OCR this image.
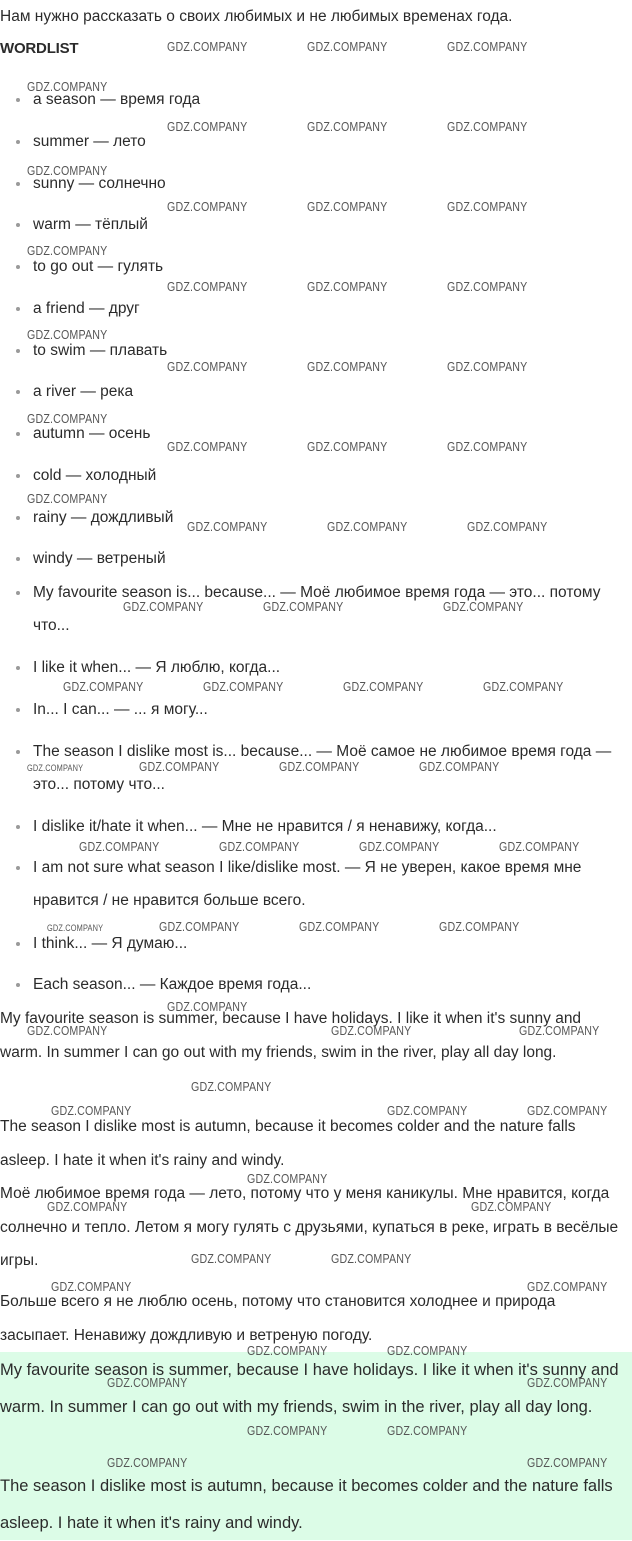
Нам нужно рассказать о своих любимых и не любимых временах года.
WORDLIST
a season — время года
summer — лето
sunny — солнечно
warm — тёплый
to go out — гулять
a friend — друг
to swim — плавать
a river — река
autumn — осень
cold — холодный
rainy — дождливый
windy — ветреный
My favourite season is... because... — Моё любимое время года — это... потому что...
I like it when... — Я люблю, когда...
In... I can... — ... я могу...
The season I dislike most is... because... — Моё самое не любимое время года — это... потому что...
I dislike it/hate it when... — Мне не нравится / я ненавижу, когда...
I am not sure what season I like/dislike most. — Я не уверен, какое время мне нравится / не нравится больше всего.
I think... — Я думаю...
Each season... — Каждое время года...

My favourite season is summer, because I have holidays. I like it when it's sunny and warm. In summer I can go out with my friends, swim in the river, play all day long.

The season I dislike most is autumn, because it becomes colder and the nature falls asleep. I hate it when it's rainy and windy.

Моё любимое время года — лето, потому что у меня каникулы. Мне нравится, когда солнечно и тепло. Летом я могу гулять с друзьями, купаться в реке, играть в весёлые игры.

Больше всего я не люблю осень, потому что становится холоднее и природа засыпает. Ненавижу дождливую и ветреную погоду.

My favourite season is summer, because I have holidays. I like it when it's sunny and warm. In summer I can go out with my friends, swim in the river, play all day long.

The season I dislike most is autumn, because it becomes colder and the nature falls asleep. I hate it when it's rainy and windy.

GDZ.COMPANY	GDZ.COMPANY	GDZ.COMPANY
GDZ.COMPANY
GDZ.COMPANY	GDZ.COMPANY	GDZ.COMPANY
GDZ.COMPANY
GDZ.COMPANY	GDZ.COMPANY	GDZ.COMPANY
GDZ.COMPANY
GDZ.COMPANY	GDZ.COMPANY	GDZ.COMPANY
GDZ.COMPANY
GDZ.COMPANY	GDZ.COMPANY	GDZ.COMPANY
GDZ.COMPANY
GDZ.COMPANY	GDZ.COMPANY	GDZ.COMPANY
GDZ.COMPANY
GDZ.COMPANY	GDZ.COMPANY	GDZ.COMPANY
GDZ.COMPANY	GDZ.COMPANY	GDZ.COMPANY
GDZ.COMPANY	GDZ.COMPANY	GDZ.COMPANY	GDZ.COMPANY
GDZ.COMPANY	GDZ.COMPANY	GDZ.COMPANY
GDZ.COMPANY	GDZ.COMPANY	GDZ.COMPANY	GDZ.COMPANY
GDZ.COMPANY	GDZ.COMPANY	GDZ.COMPANY
GDZ.COMPANY
GDZ.COMPANY	GDZ.COMPANY	GDZ.COMPANY
GDZ.COMPANY
GDZ.COMPANY	GDZ.COMPANY	GDZ.COMPANY
GDZ.COMPANY
GDZ.COMPANY	GDZ.COMPANY
GDZ.COMPANY	GDZ.COMPANY
GDZ.COMPANY	GDZ.COMPANY
GDZ.COMPANY	GDZ.COMPANY
GDZ.COMPANY	GDZ.COMPANY
GDZ.COMPANY	GDZ.COMPANY
GDZ.COMPANY	GDZ.COMPANY
GDZ.COMPANY
GDZ.COMPANY
